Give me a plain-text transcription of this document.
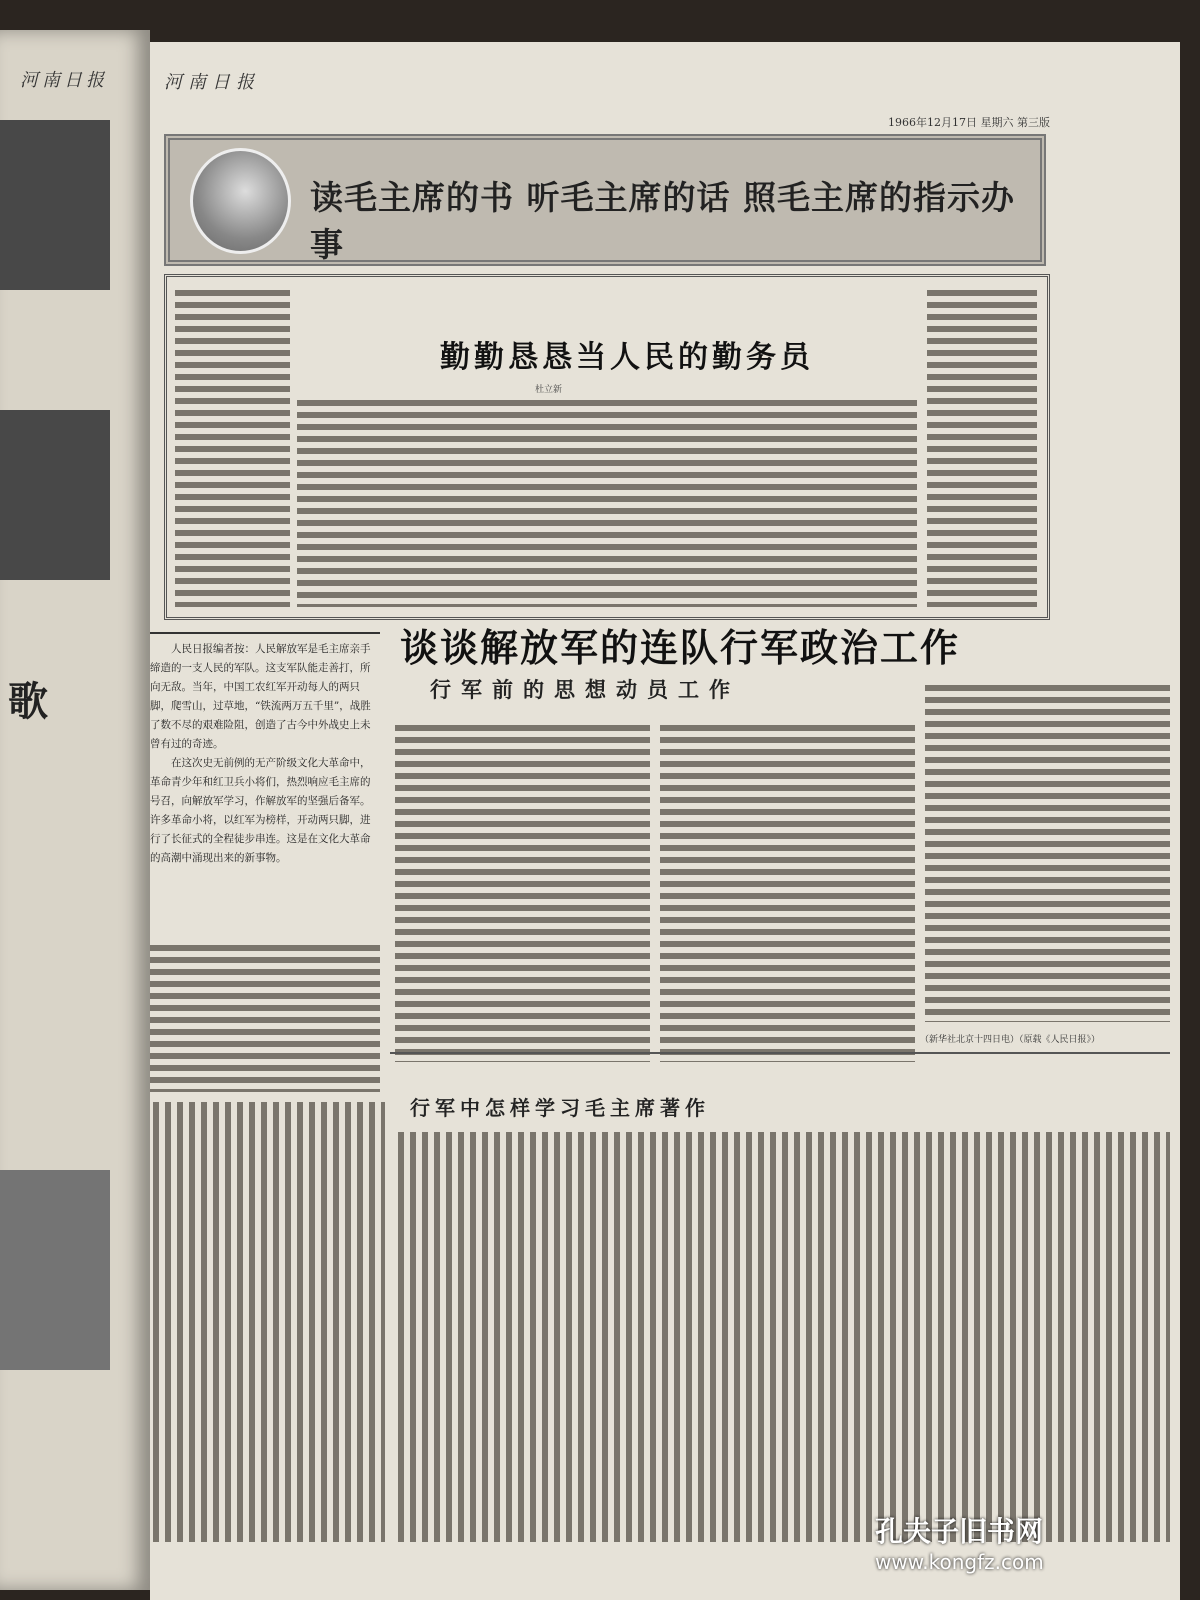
河南日报
歌
河南日报
1966年12月17日 星期六 第三版
读毛主席的书 听毛主席的话 照毛主席的指示办事
勤勤恳恳当人民的勤务员
杜立新

人民日报编者按：人民解放军是毛主席亲手缔造的一支人民的军队。这支军队能走善打，所向无敌。当年，中国工农红军开动每人的两只脚，爬雪山，过草地，“铁流两万五千里”，战胜了数不尽的艰难险阻，创造了古今中外战史上未曾有过的奇迹。

在这次史无前例的无产阶级文化大革命中，革命青少年和红卫兵小将们，热烈响应毛主席的号召，向解放军学习，作解放军的坚强后备军。许多革命小将，以红军为榜样，开动两只脚，进行了长征式的全程徒步串连。这是在文化大革命的高潮中涌现出来的新事物。

谈谈解放军的连队行军政治工作
行军前的思想动员工作
（新华社北京十四日电）（原载《人民日报》）
行军中怎样学习毛主席著作
孔夫子旧书网
www.kongfz.com
